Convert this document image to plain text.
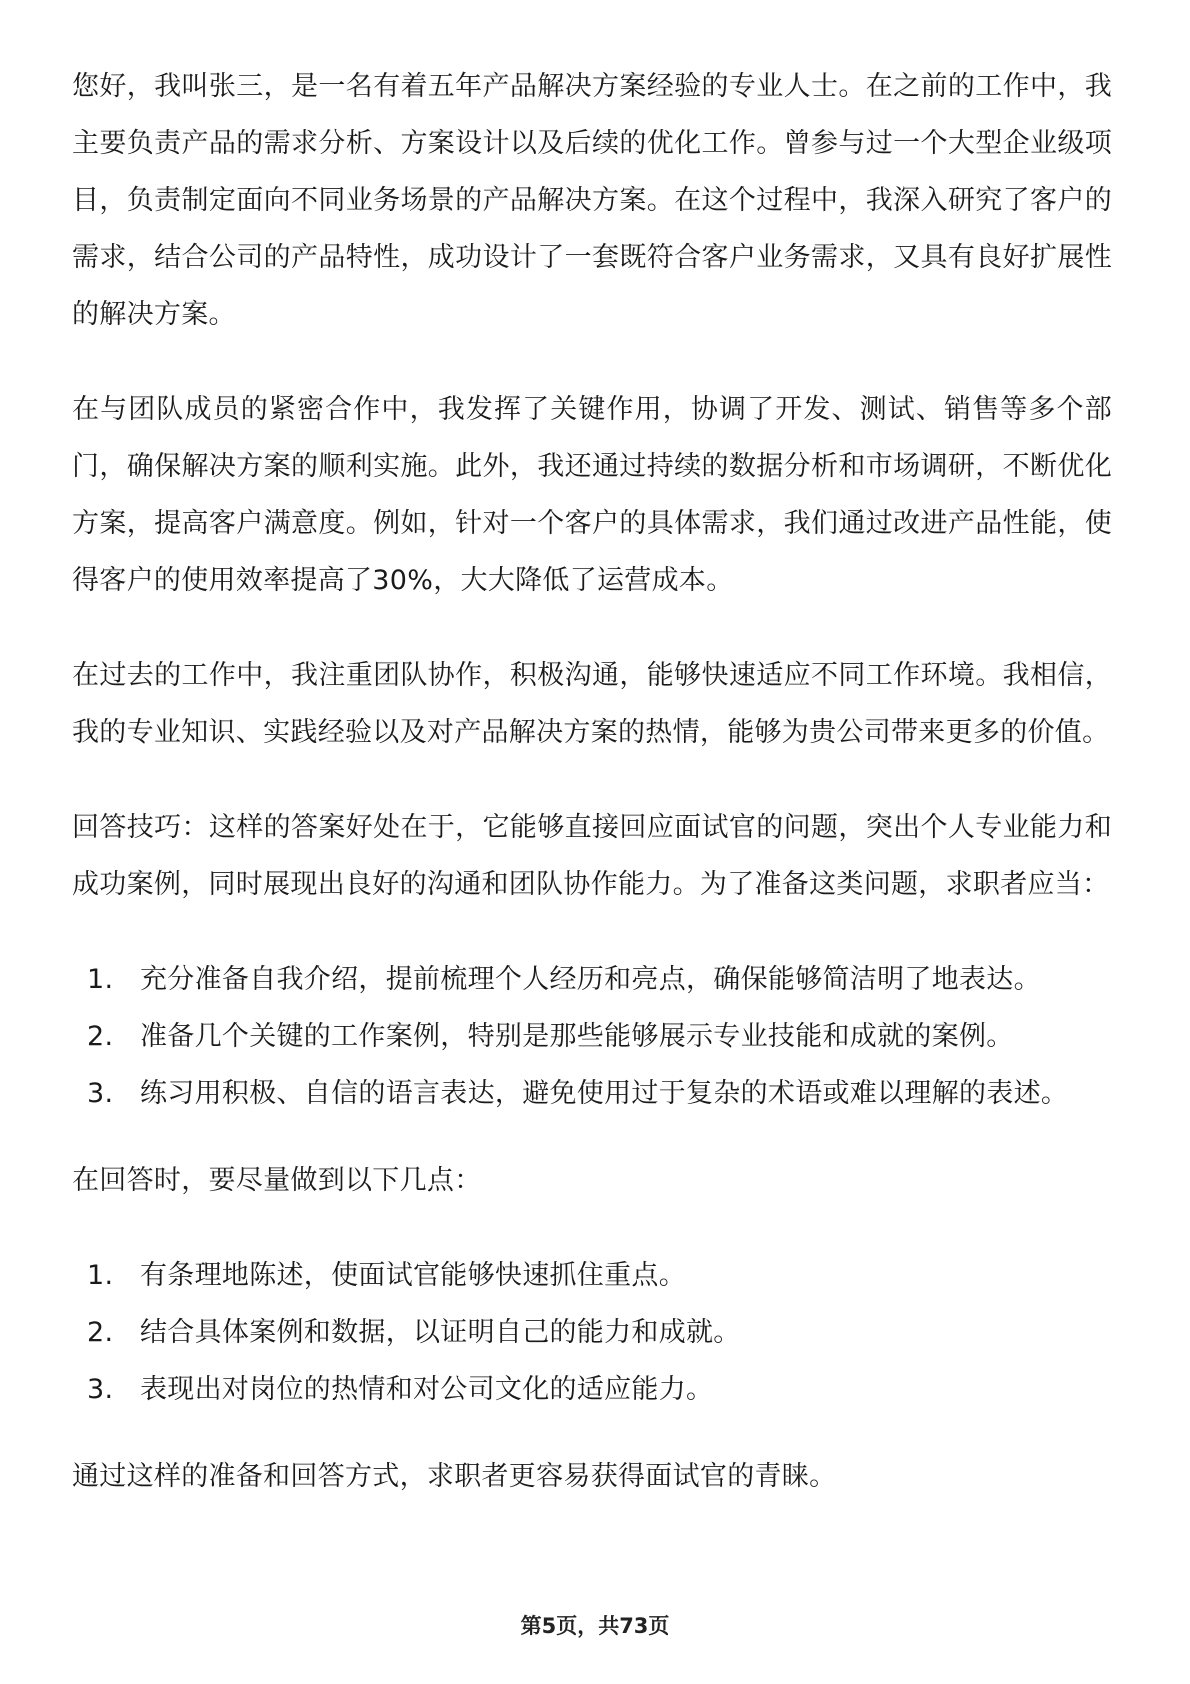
您好，我叫张三，是一名有着五年产品解决方案经验的专业人士。在之前的工作中，我主要负责产品的需求分析、方案设计以及后续的优化工作。曾参与过一个大型企业级项目，负责制定面向不同业务场景的产品解决方案。在这个过程中，我深入研究了客户的需求，结合公司的产品特性，成功设计了一套既符合客户业务需求，又具有良好扩展性的解决方案。

在与团队成员的紧密合作中，我发挥了关键作用，协调了开发、测试、销售等多个部门，确保解决方案的顺利实施。此外，我还通过持续的数据分析和市场调研，不断优化方案，提高客户满意度。例如，针对一个客户的具体需求，我们通过改进产品性能，使得客户的使用效率提高了30%，大大降低了运营成本。

在过去的工作中，我注重团队协作，积极沟通，能够快速适应不同工作环境。我相信，我的专业知识、实践经验以及对产品解决方案的热情，能够为贵公司带来更多的价值。

回答技巧：这样的答案好处在于，它能够直接回应面试官的问题，突出个人专业能力和成功案例，同时展现出良好的沟通和团队协作能力。为了准备这类问题，求职者应当：

1. 充分准备自我介绍，提前梳理个人经历和亮点，确保能够简洁明了地表达。
2. 准备几个关键的工作案例，特别是那些能够展示专业技能和成就的案例。
3. 练习用积极、自信的语言表达，避免使用过于复杂的术语或难以理解的表述。

在回答时，要尽量做到以下几点：

1. 有条理地陈述，使面试官能够快速抓住重点。
2. 结合具体案例和数据，以证明自己的能力和成就。
3. 表现出对岗位的热情和对公司文化的适应能力。

通过这样的准备和回答方式，求职者更容易获得面试官的青睐。

第5页，共73页
